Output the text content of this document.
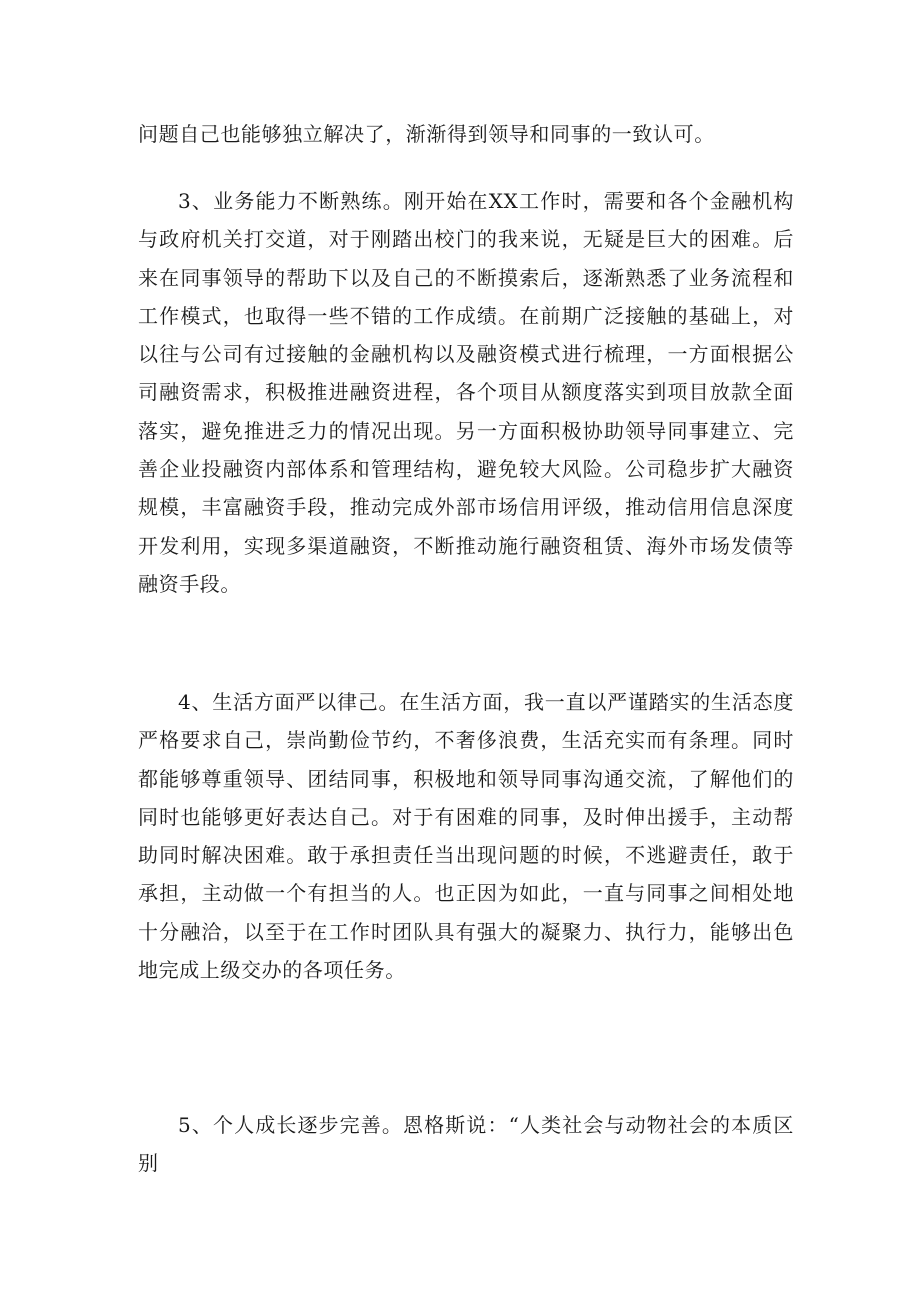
问题自己也能够独立解决了，渐渐得到领导和同事的一致认可。

3、业务能力不断熟练。刚开始在XX工作时，需要和各个金融机构与政府机关打交道，对于刚踏出校门的我来说，无疑是巨大的困难。后来在同事领导的帮助下以及自己的不断摸索后，逐渐熟悉了业务流程和工作模式，也取得一些不错的工作成绩。在前期广泛接触的基础上，对以往与公司有过接触的金融机构以及融资模式进行梳理，一方面根据公司融资需求，积极推进融资进程，各个项目从额度落实到项目放款全面落实，避免推进乏力的情况出现。另一方面积极协助领导同事建立、完善企业投融资内部体系和管理结构，避免较大风险。公司稳步扩大融资规模，丰富融资手段，推动完成外部市场信用评级，推动信用信息深度开发利用，实现多渠道融资，不断推动施行融资租赁、海外市场发债等融资手段。

4、生活方面严以律己。在生活方面，我一直以严谨踏实的生活态度严格要求自己，崇尚勤俭节约，不奢侈浪费，生活充实而有条理。同时都能够尊重领导、团结同事，积极地和领导同事沟通交流，了解他们的同时也能够更好表达自己。对于有困难的同事，及时伸出援手，主动帮助同时解决困难。敢于承担责任当出现问题的时候，不逃避责任，敢于承担，主动做一个有担当的人。也正因为如此，一直与同事之间相处地十分融洽，以至于在工作时团队具有强大的凝聚力、执行力，能够出色地完成上级交办的各项任务。

5、个人成长逐步完善。恩格斯说：“人类社会与动物社会的本质区别
